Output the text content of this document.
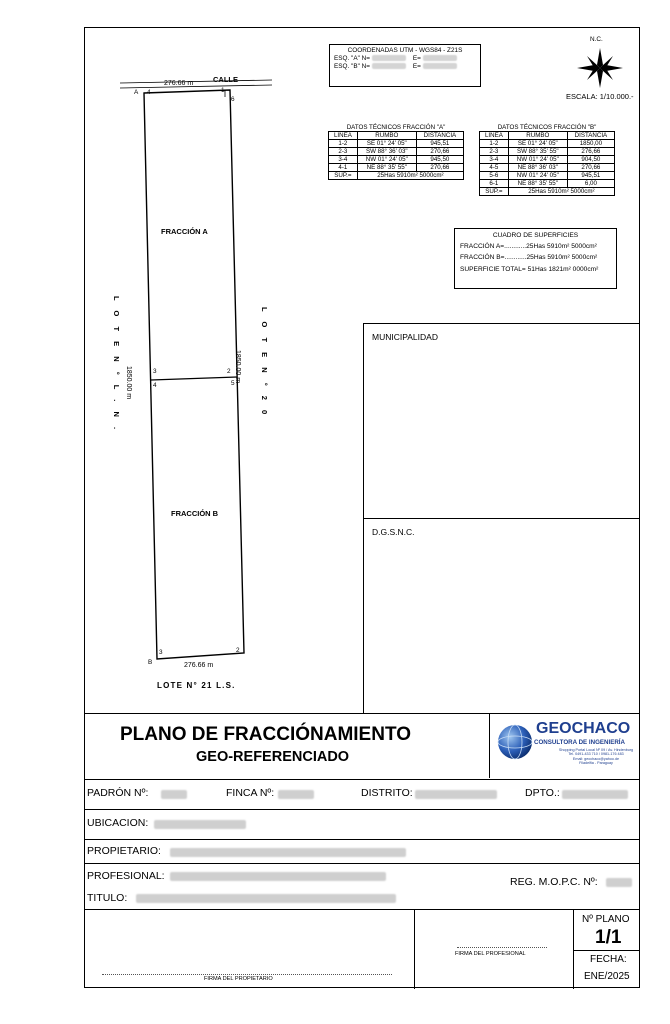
COORDENADAS UTM - WGS84 - Z21S
ESQ. "A" N=	E=
ESQ. "B" N=	E=
N.C.
ESCALA: 1/10.000.-
DATOS TÉCNICOS FRACCIÓN "A"		
LINEA	RUMBO	DISTANCIA
1-2	SE 01° 24' 05"	945,51
2-3	SW 88° 36' 03"	270,66
3-4	NW 01° 24' 05"	945,50
4-1	NE 88° 35' 55"	270,66
SUP.=	25Has 5910m² 5000cm²	
DATOS TÉCNICOS FRACCIÓN "B"		
LINEA	RUMBO	DISTANCIA
1-2	SE 01° 24' 05"	1850,00
2-3	SW 88° 35' 55"	276,66
3-4	NW 01° 24' 05"	904,50
4-5	NE 88° 36' 03"	270,66
5-6	NW 01° 24' 05"	945,51
6-1	NE 88° 35' 55"	6,00
SUP.=	25Has 5910m² 5000cm²	
CUADRO DE SUPERFICIES
FRACCIÓN A=............25Has 5910m² 5000cm²
FRACCIÓN B=............25Has 5910m² 5000cm²
SUPERFICIE TOTAL= 51Has 1821m² 0000cm²
MUNICIPALIDAD
D.G.S.N.C.
CALLE
276.66 m
276.66 m
1850.00 m	1850.00 m
FRACCIÓN A
FRACCIÓN B
L O T E N ° L . N .	L O T E N ° 2 0
LOTE N° 21 L.S.
A 4	1
6
3
4
2
5
B
3	2
PLANO DE FRACCIÓNAMIENTO
GEO-REFERENCIADO
GEOCHACO
CONSULTORA DE INGENIERÍA
Shopping Portal Local Nº 09 / Av. Hindenburg
Tel. 0491-433 710 / 0981-176 483
Email: geochaco@yahoo.de
Filadelfia - Paraguay
PADRÓN Nº:	FINCA Nº:	DISTRITO:	DPTO.:
UBICACION:
PROPIETARIO:
PROFESIONAL:
TITULO:
REG. M.O.P.C. Nº:
FIRMA DEL PROPIETARIO
FIRMA DEL PROFESIONAL
Nº PLANO
1/1
FECHA:
ENE/2025
